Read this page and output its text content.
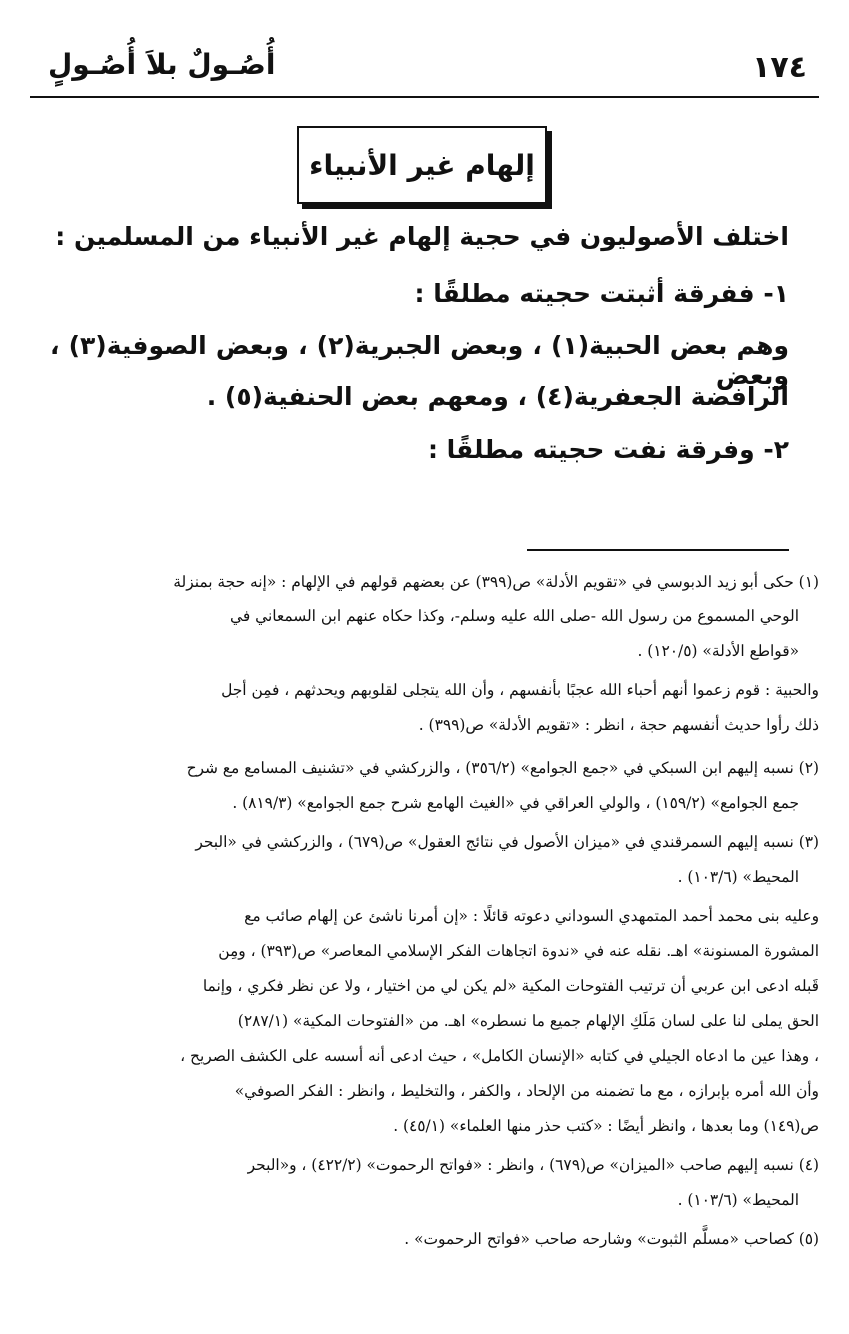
١٧٤
أُصُـولٌ بلاَ أُصُـولٍ
إلهام غير الأنبياء
اختلف الأصوليون في حجية إلهام غير الأنبياء من المسلمين :
١- ففرقة أثبتت حجيته مطلقًا :
وهم بعض الحبية(١) ، وبعض الجبرية(٢) ، وبعض الصوفية(٣) ، وبعض
الرافضة الجعفرية(٤) ، ومعهم بعض الحنفية(٥) .
٢- وفرقة نفت حجيته مطلقًا :
(١) حكى أبو زيد الدبوسي في «تقويم الأدلة» ص(٣٩٩) عن بعضهم قولهم في الإلهام : «إنه حجة بمنزلة
الوحي المسموع من رسول الله -صلى الله عليه وسلم-، وكذا حكاه عنهم ابن السمعاني في
«قواطع الأدلة» (١٢٠/٥) .
والحبية : قوم زعموا أنهم أحباء الله عجبًا بأنفسهم ، وأن الله يتجلى لقلوبهم ويحدثهم ، فمِن أجل
ذلك رأوا حديث أنفسهم حجة ، انظر : «تقويم الأدلة» ص(٣٩٩) .
(٢) نسبه إليهم ابن السبكي في «جمع الجوامع» (٣٥٦/٢) ، والزركشي في «تشنيف المسامع مع شرح
جمع الجوامع» (١٥٩/٢) ، والولي العراقي في «الغيث الهامع شرح جمع الجوامع» (٨١٩/٣) .
(٣) نسبه إليهم السمرقندي في «ميزان الأصول في نتائج العقول» ص(٦٧٩) ، والزركشي في «البحر
المحيط» (١٠٣/٦) .
وعليه بنى محمد أحمد المتمهدي السوداني دعوته قائلًا : «إن أمرنا ناشئ عن إلهام صائب مع
المشورة المسنونة» اهـ. نقله عنه في «ندوة اتجاهات الفكر الإسلامي المعاصر» ص(٣٩٣) ، ومِن
قَبله ادعى ابن عربي أن ترتيب الفتوحات المكية «لم يكن لي من اختيار ، ولا عن نظر فكري ، وإنما
الحق يملى لنا على لسان مَلَكِ الإلهام جميع ما نسطره» اهـ. من «الفتوحات المكية» (٢٨٧/١)
، وهذا عين ما ادعاه الجيلي في كتابه «الإنسان الكامل» ، حيث ادعى أنه أسسه على الكشف الصريح ،
وأن الله أمره بإبرازه ، مع ما تضمنه من الإلحاد ، والكفر ، والتخليط ، وانظر : الفكر الصوفي»
ص(١٤٩) وما بعدها ، وانظر أيضًا : «كتب حذر منها العلماء» (٤٥/١) .
(٤) نسبه إليهم صاحب «الميزان» ص(٦٧٩) ، وانظر : «فواتح الرحموت» (٤٢٢/٢) ، و«البحر
المحيط» (١٠٣/٦) .
(٥) كصاحب «مسلَّم الثبوت» وشارحه صاحب «فواتح الرحموت» .
